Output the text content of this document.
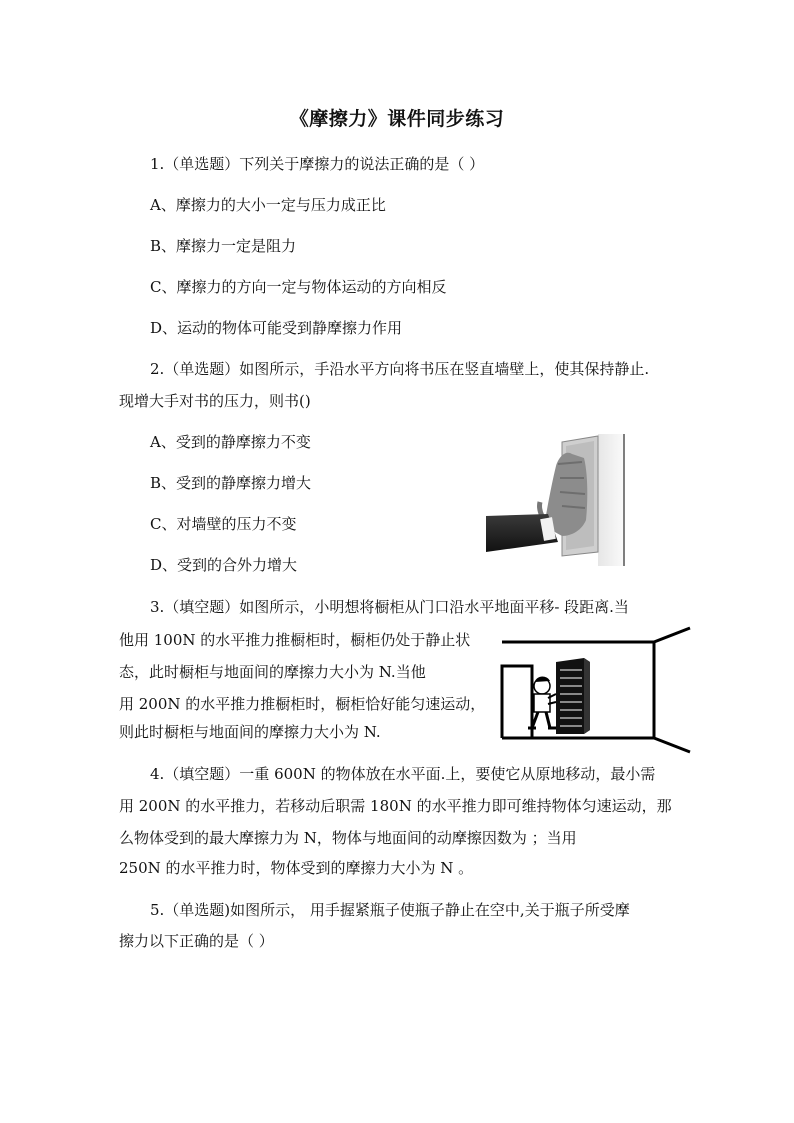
《摩擦力》课件同步练习
1.（单选题）下列关于摩擦力的说法正确的是（ ）
A、摩擦力的大小一定与压力成正比
B、摩擦力一定是阻力
C、摩擦力的方向一定与物体运动的方向相反
D、运动的物体可能受到静摩擦力作用
2.（单选题）如图所示，手沿水平方向将书压在竖直墙壁上，使其保持静止.
现增大手对书的压力，则书()
A、受到的静摩擦力不变
B、受到的静摩擦力增大
C、对墙壁的压力不变
D、受到的合外力增大
3.（填空题）如图所示，小明想将橱柜从门口沿水平地面平移- 段距离.当
他用 100N 的水平推力推橱柜时，橱柜仍处于静止状
态，此时橱柜与地面间的摩擦力大小为 N.当他
用 200N 的水平推力推橱柜时，橱柜恰好能匀速运动，
则此时橱柜与地面间的摩擦力大小为 N.
4.（填空题）一重 600N 的物体放在水平面.上，要使它从原地移动，最小需
用 200N 的水平推力，若移动后职需 180N 的水平推力即可维持物体匀速运动，那
么物体受到的最大摩擦力为 N，物体与地面间的动摩擦因数为 ；当用
250N 的水平推力时，物体受到的摩擦力大小为 N 。
5.（单选题)如图所示， 用手握紧瓶子使瓶子静止在空中,关于瓶子所受摩
擦力以下正确的是（ ）
